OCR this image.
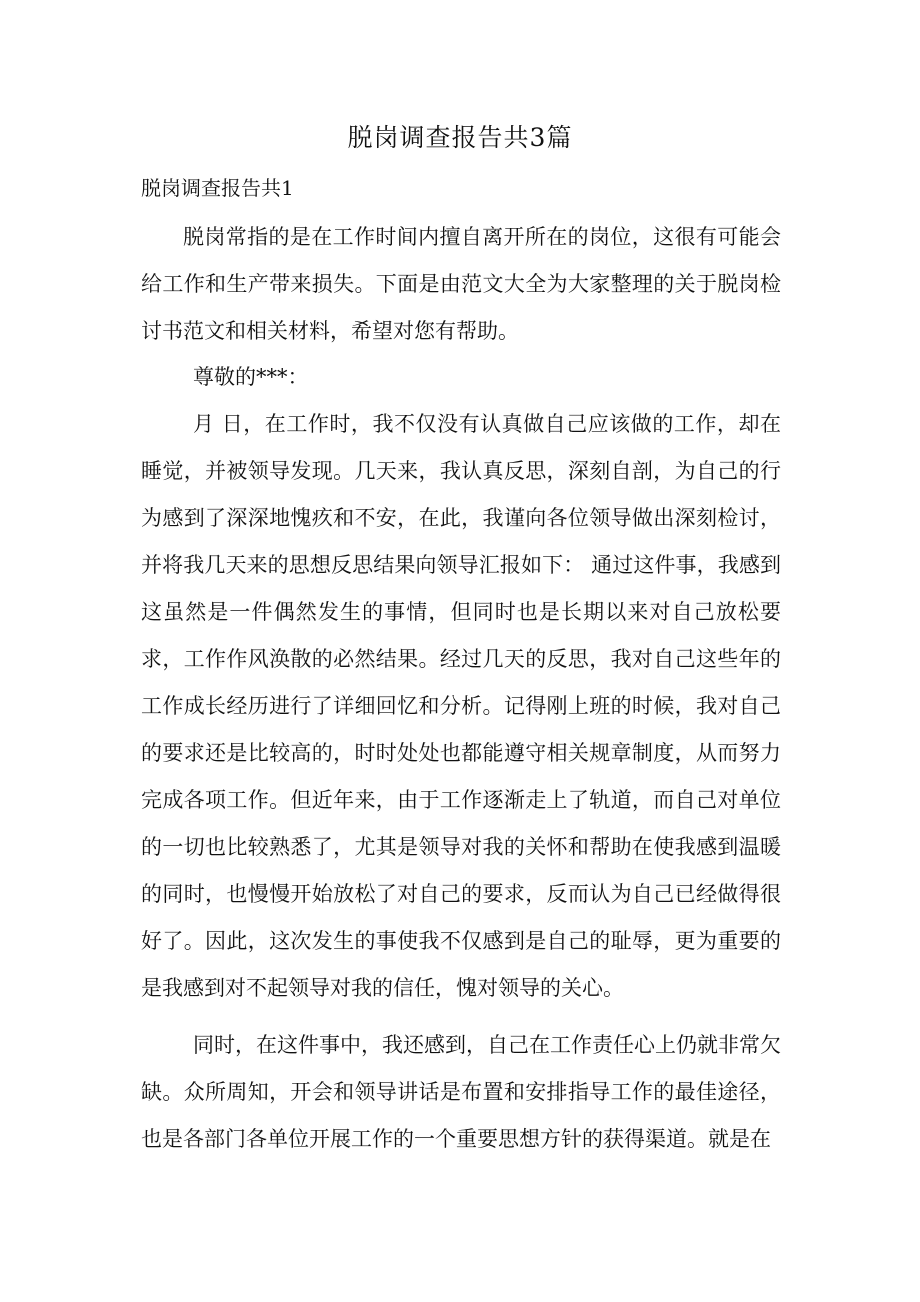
脱岗调查报告共3篇
脱岗调查报告共1

脱岗常指的是在工作时间内擅自离开所在的岗位，这很有可能会给工作和生产带来损失。下面是由范文大全为大家整理的关于脱岗检讨书范文和相关材料，希望对您有帮助。

尊敬的***：

月 日，在工作时，我不仅没有认真做自己应该做的工作，却在睡觉，并被领导发现。几天来，我认真反思，深刻自剖，为自己的行为感到了深深地愧疚和不安，在此，我谨向各位领导做出深刻检讨，并将我几天来的思想反思结果向领导汇报如下： 通过这件事，我感到这虽然是一件偶然发生的事情，但同时也是长期以来对自己放松要求，工作作风涣散的必然结果。经过几天的反思，我对自己这些年的工作成长经历进行了详细回忆和分析。记得刚上班的时候，我对自己的要求还是比较高的，时时处处也都能遵守相关规章制度，从而努力完成各项工作。但近年来，由于工作逐渐走上了轨道，而自己对单位的一切也比较熟悉了，尤其是领导对我的关怀和帮助在使我感到温暖的同时，也慢慢开始放松了对自己的要求，反而认为自己已经做得很好了。因此，这次发生的事使我不仅感到是自己的耻辱，更为重要的是我感到对不起领导对我的信任，愧对领导的关心。

同时，在这件事中，我还感到，自己在工作责任心上仍就非常欠缺。众所周知，开会和领导讲话是布置和安排指导工作的最佳途径，也是各部门各单位开展工作的一个重要思想方针的获得渠道。就是在
